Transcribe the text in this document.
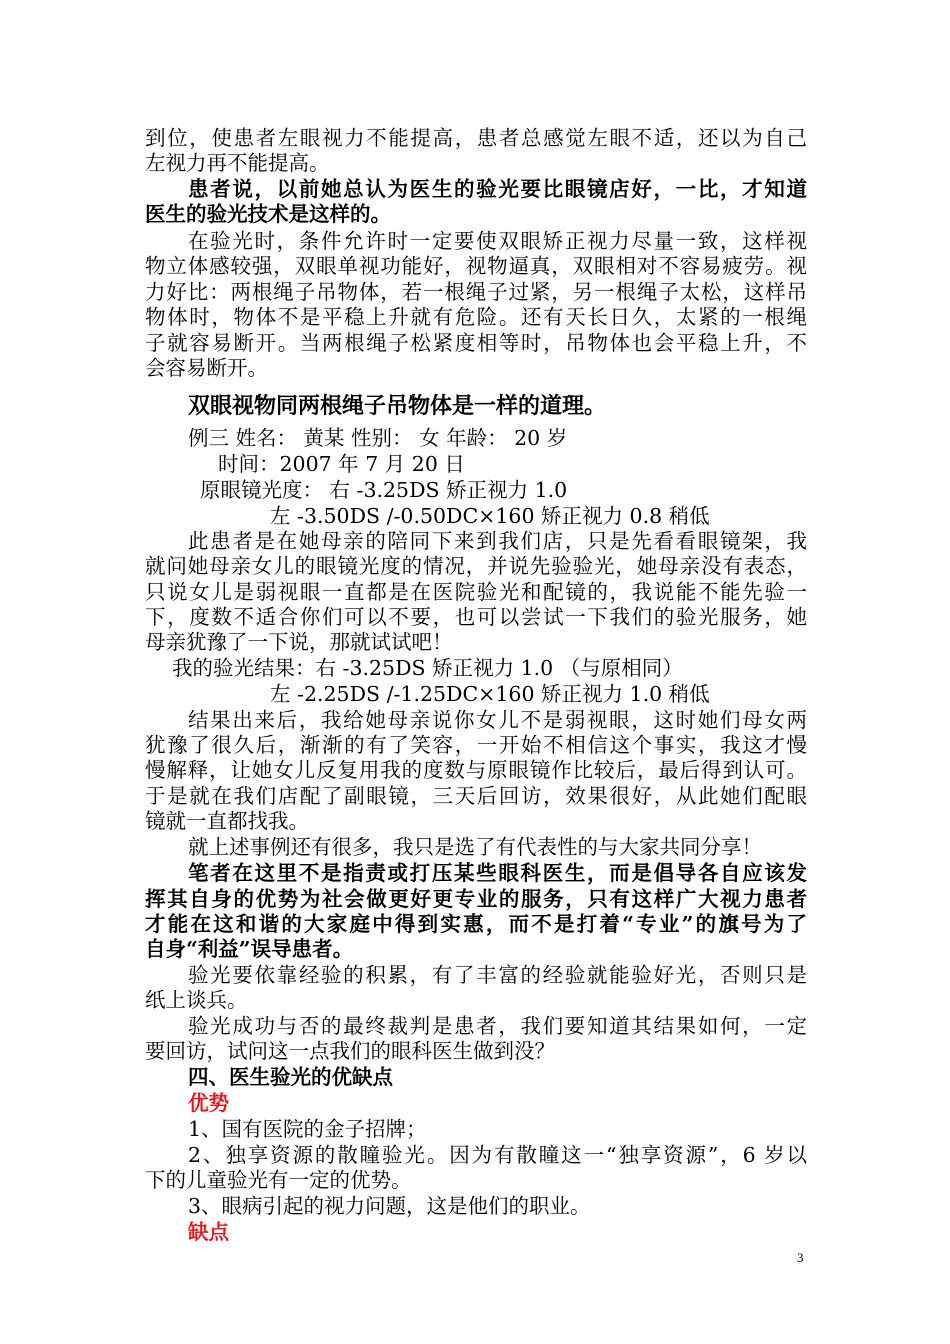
到位，使患者左眼视力不能提高，患者总感觉左眼不适，还以为自己
左视力再不能提高。
患者说，以前她总认为医生的验光要比眼镜店好，一比，才知道
医生的验光技术是这样的。
在验光时，条件允许时一定要使双眼矫正视力尽量一致，这样视
物立体感较强，双眼单视功能好，视物逼真，双眼相对不容易疲劳。视
力好比：两根绳子吊物体，若一根绳子过紧，另一根绳子太松，这样吊
物体时，物体不是平稳上升就有危险。还有天长日久，太紧的一根绳
子就容易断开。当两根绳子松紧度相等时，吊物体也会平稳上升，不
会容易断开。
双眼视物同两根绳子吊物体是一样的道理。
例三 姓名： 黄某 性别： 女 年龄： 20 岁
时间：2007 年 7 月 20 日
原眼镜光度： 右 -3.25DS 矫正视力 1.0
左 -3.50DS /-0.50DC×160 矫正视力 0.8 稍低
此患者是在她母亲的陪同下来到我们店，只是先看看眼镜架，我
就问她母亲女儿的眼镜光度的情况，并说先验验光，她母亲没有表态，
只说女儿是弱视眼一直都是在医院验光和配镜的，我说能不能先验一
下，度数不适合你们可以不要，也可以尝试一下我们的验光服务，她
母亲犹豫了一下说，那就试试吧！
我的验光结果：右 -3.25DS 矫正视力 1.0 （与原相同）
左 -2.25DS /-1.25DC×160 矫正视力 1.0 稍低
结果出来后，我给她母亲说你女儿不是弱视眼，这时她们母女两
犹豫了很久后，渐渐的有了笑容，一开始不相信这个事实，我这才慢
慢解释，让她女儿反复用我的度数与原眼镜作比较后，最后得到认可。
于是就在我们店配了副眼镜，三天后回访，效果很好，从此她们配眼
镜就一直都找我。
就上述事例还有很多，我只是选了有代表性的与大家共同分享！
笔者在这里不是指责或打压某些眼科医生，而是倡导各自应该发
挥其自身的优势为社会做更好更专业的服务，只有这样广大视力患者
才能在这和谐的大家庭中得到实惠，而不是打着“专业”的旗号为了
自身“利益”误导患者。
验光要依靠经验的积累，有了丰富的经验就能验好光，否则只是
纸上谈兵。
验光成功与否的最终裁判是患者，我们要知道其结果如何，一定
要回访，试问这一点我们的眼科医生做到没？
四、医生验光的优缺点
优势
1、国有医院的金子招牌；
2、独享资源的散瞳验光。因为有散瞳这一“独享资源”，6 岁以
下的儿童验光有一定的优势。
3、眼病引起的视力问题，这是他们的职业。
缺点
3
